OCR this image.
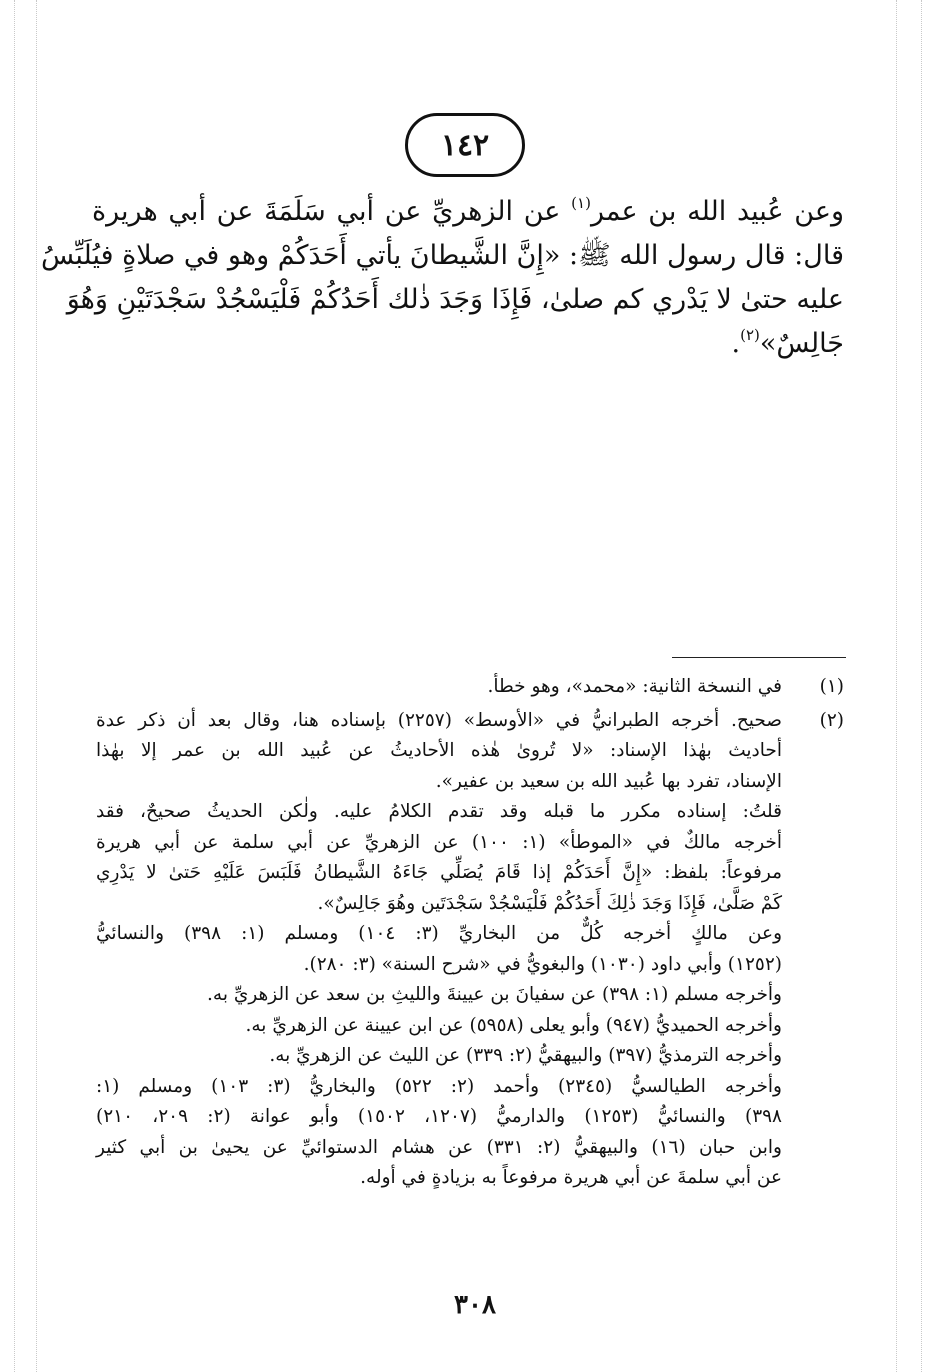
١٤٢
وعن عُبيد الله بن عمر$^{(١)}$ عن الزهريِّ عن أبي سَلَمَةَ عن أبي هريرة
قال: قال رسول الله ﷺ: «إِنَّ الشَّيطانَ يأتي أَحَدَكُمْ وهو في صلاةٍ فيُلَبِّسُ
عليه حتىٰ لا يَدْري كم صلىٰ، فَإِذَا وَجَدَ ذٰلك أَحَدُكُمْ فَلْيَسْجُدْ سَجْدَتَيْنِ وَهُوَ
جَالِسٌ»$^{(٢)}$.
(١)
في النسخة الثانية: «محمد»، وهو خطأ.
(٢)
صحيح. أخرجه الطبرانيُّ في «الأوسط» (٢٢٥٧) بإسناده هنا، وقال بعد أن ذكر عدة
أحاديث بهٰذا الإسناد: «لا تُروىٰ هٰذه الأحاديثُ عن عُبيد الله بن عمر إلا بهٰذا
الإسناد، تفرد بها عُبيد الله بن سعيد بن عفير».
قلتُ: إسناده مكرر ما قبله وقد تقدم الكلامُ عليه. ولٰكن الحديثُ صحيحٌ، فقد
أخرجه مالكٌ في «الموطأ» (١: ١٠٠) عن الزهريِّ عن أبي سلمة عن أبي هريرة
مرفوعاً: بلفظ: «إِنَّ أَحَدَكُمْ إذا قَامَ يُصَلِّي جَاءَهُ الشَّيطانُ فَلَبَسَ عَلَيْهِ حَتىٰ لا يَدْرِي
كَمْ صَلَّىٰ، فَإِذَا وَجَدَ ذٰلِكَ أَحَدُكُمْ فَلْيَسْجُدْ سَجْدَتَين وهُوَ جَالِسٌ».
وعن مالكٍ أخرجه كُلٌّ من البخاريِّ (٣: ١٠٤) ومسلم (١: ٣٩٨) والنسائيُّ
(١٢٥٢) وأبي داود (١٠٣٠) والبغويُّ في «شرح السنة» (٣: ٢٨٠).
وأخرجه مسلم (١: ٣٩٨) عن سفيانَ بن عيينةَ والليثِ بن سعد عن الزهريِّ به.
وأخرجه الحميديُّ (٩٤٧) وأبو يعلى (٥٩٥٨) عن ابن عيينة عن الزهريِّ به.
وأخرجه الترمذيُّ (٣٩٧) والبيهقيُّ (٢: ٣٣٩) عن الليث عن الزهريِّ به.
وأخرجه الطيالسيُّ (٢٣٤٥) وأحمد (٢: ٥٢٢) والبخاريُّ (٣: ١٠٣) ومسلم (١:
٣٩٨) والنسائيُّ (١٢٥٣) والدارميُّ (١٢٠٧، ١٥٠٢) وأبو عوانة (٢: ٢٠٩، ٢١٠)
وابن حبان (١٦) والبيهقيُّ (٢: ٣٣١) عن هشام الدستوائيِّ عن يحيىٰ بن أبي كثير
عن أبي سلمةَ عن أبي هريرة مرفوعاً به بزيادةٍ في أوله.
٣٠٨
